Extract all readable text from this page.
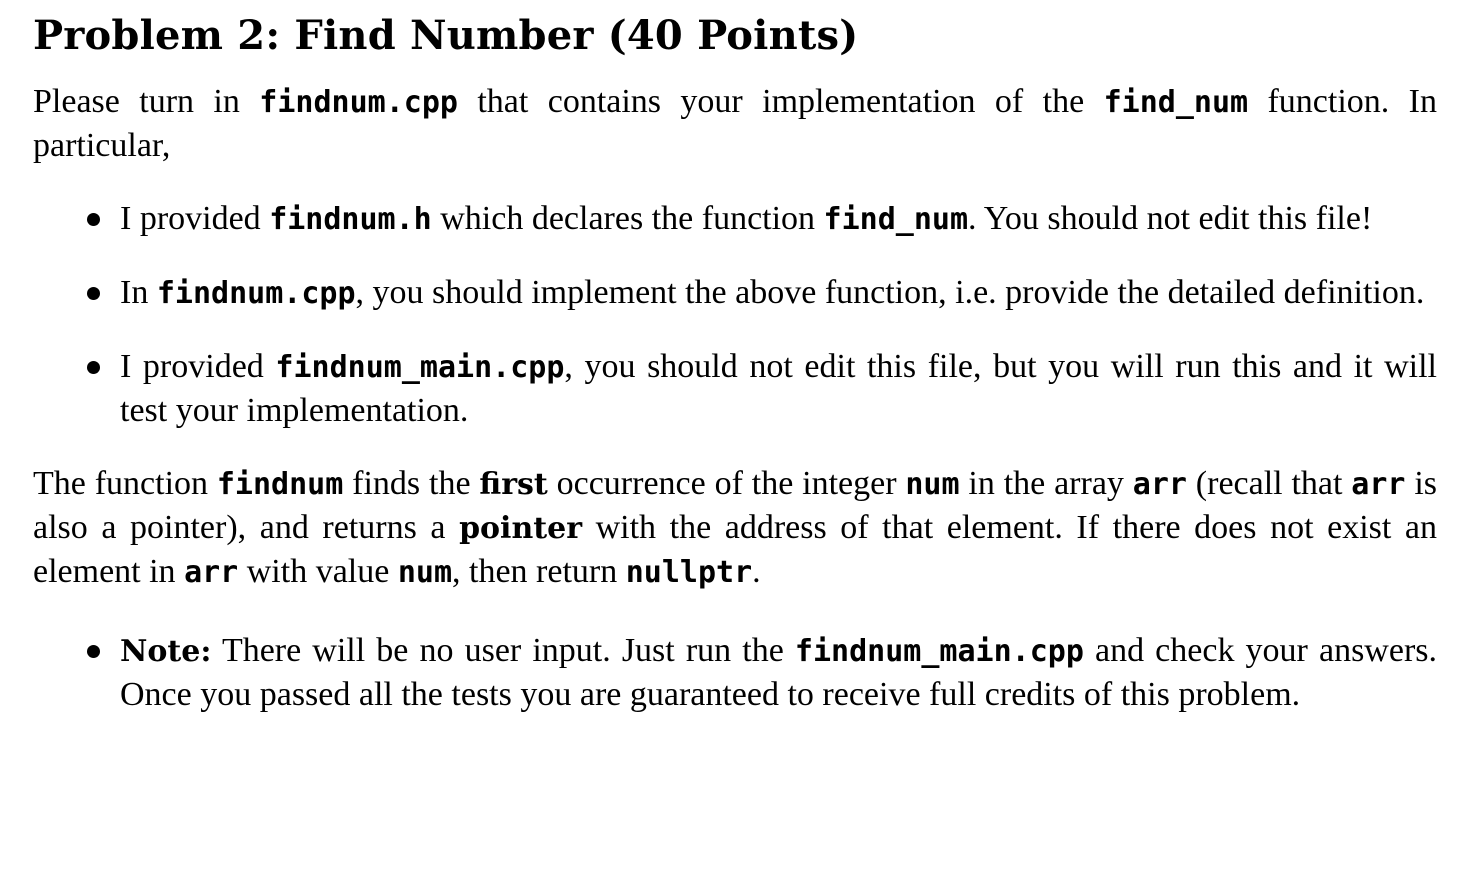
Problem 2: Find Number (40 Points)

Please turn in findnum.cpp that contains your implementation of the find_num function. In particular,

I provided findnum.h which declares the function find_num. You should not edit this file!
In findnum.cpp, you should implement the above function, i.e. provide the detailed definition.
I provided findnum_main.cpp, you should not edit this file, but you will run this and it will test your implementation.

The function findnum finds the first occurrence of the integer num in the array arr (recall that arr is also a pointer), and returns a pointer with the address of that element. If there does not exist an element in arr with value num, then return nullptr.

Note: There will be no user input. Just run the findnum_main.cpp and check your answers. Once you passed all the tests you are guaranteed to receive full credits of this problem.
